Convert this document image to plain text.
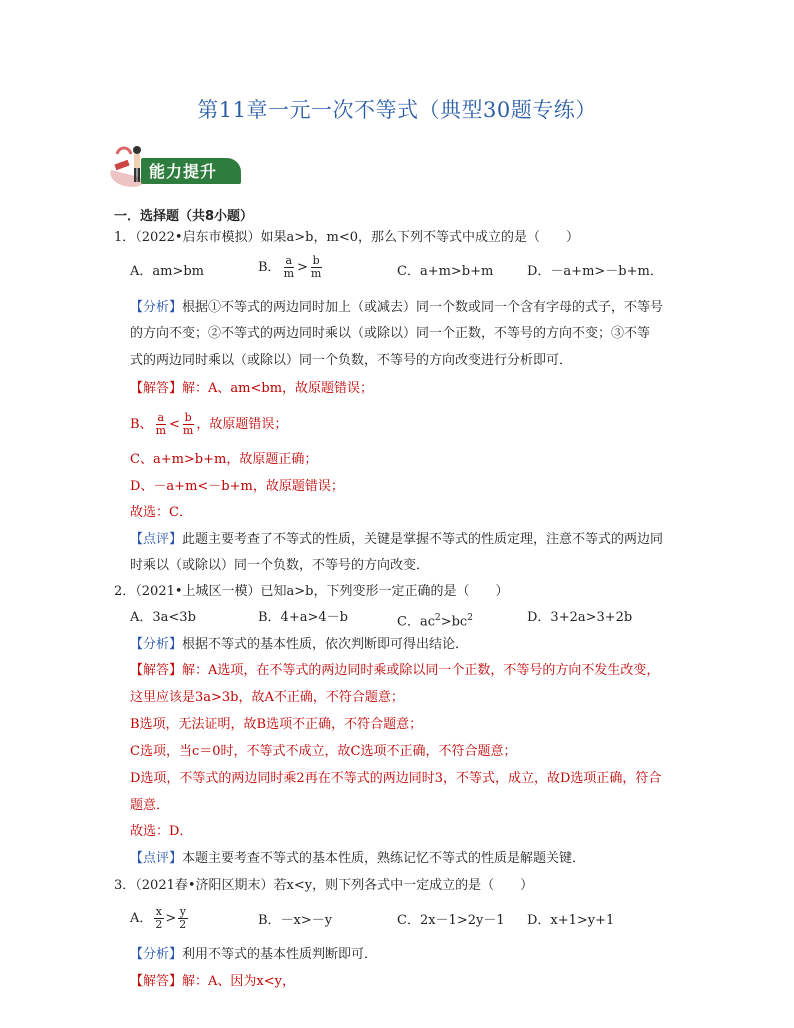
第11章一元一次不等式（典型30题专练）
能力提升
一．选择题（共8小题）
1．（2022•启东市模拟）如果a>b，m<0，那么下列不等式中成立的是（　　）
A．am>bm	B． $\frac{a}{m} > \frac{b}{m}$	C．a+m>b+m	D．－a+m>－b+m．
【分析】根据①不等式的两边同时加上（或减去）同一个数或同一个含有字母的式子，不等号
的方向不变；②不等式的两边同时乘以（或除以）同一个正数，不等号的方向不变；③不等
式的两边同时乘以（或除以）同一个负数，不等号的方向改变进行分析即可．
【解答】解：A、am<bm，故原题错误；
B、 $\frac{a}{m} < \frac{b}{m}$ ，故原题错误；
C、a+m>b+m，故原题正确；
D、－a+m<－b+m，故原题错误；
故选：C．
【点评】此题主要考查了不等式的性质，关键是掌握不等式的性质定理，注意不等式的两边同
时乘以（或除以）同一个负数，不等号的方向改变．
2．（2021•上城区一模）已知a>b，下列变形一定正确的是（　　）
A．3a<3b	B．4+a>4－b	C．$ac^2>bc^2$	D．3+2a>3+2b
【分析】根据不等式的基本性质，依次判断即可得出结论．
【解答】解：A选项，在不等式的两边同时乘或除以同一个正数，不等号的方向不发生改变，
这里应该是3a>3b，故A不正确，不符合题意；
B选项，无法证明，故B选项不正确，不符合题意；
C选项，当c＝0时，不等式不成立，故C选项不正确，不符合题意；
D选项，不等式的两边同时乘2再在不等式的两边同时3，不等式，成立，故D选项正确，符合
题意．
故选：D．
【点评】本题主要考查不等式的基本性质，熟练记忆不等式的性质是解题关键．
3．（2021春•济阳区期末）若x<y，则下列各式中一定成立的是（　　）
A． $\frac{x}{2} > \frac{y}{2}$	B．－x>－y	C．2x－1>2y－1 D．x+1>y+1
【分析】利用不等式的基本性质判断即可．
【解答】解：A、因为x<y，
